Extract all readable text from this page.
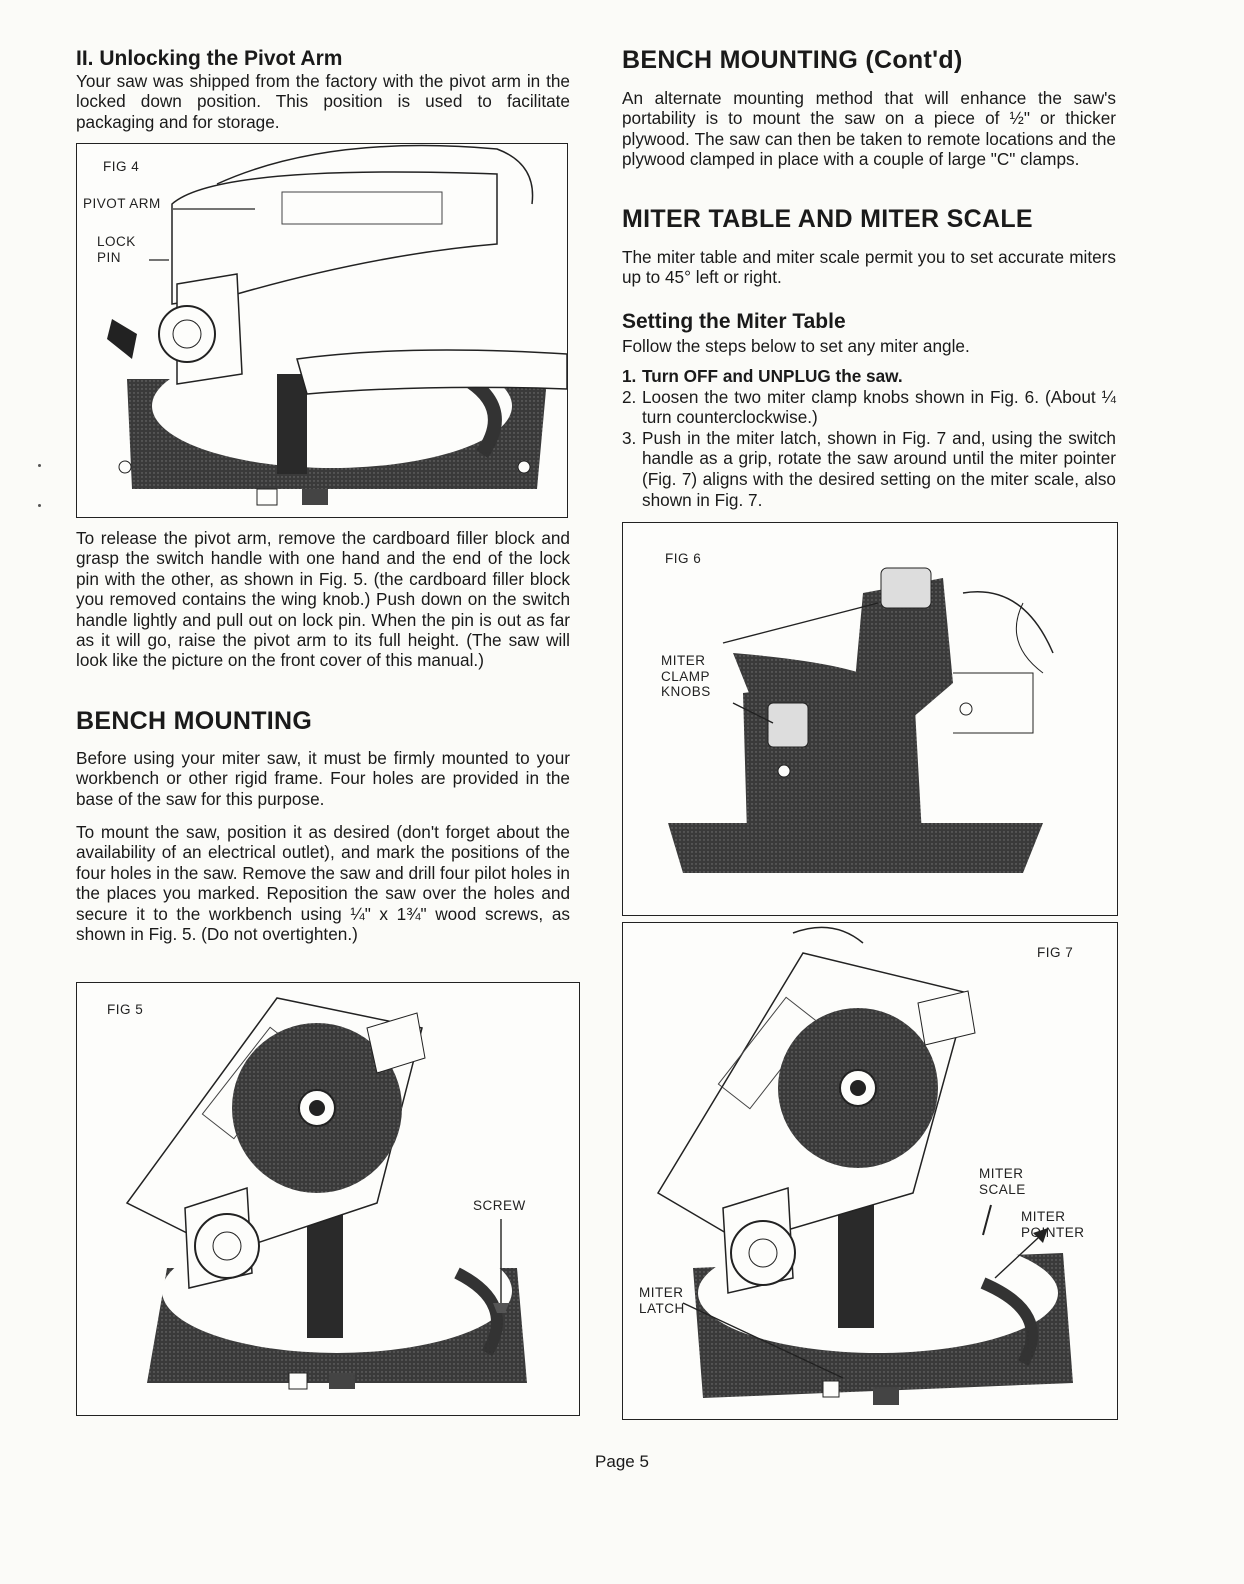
II. Unlocking the Pivot Arm

Your saw was shipped from the factory with the pivot arm in the locked down position. This position is used to facilitate packaging and for storage.

FIG 4
PIVOT ARM
LOCK
PIN

To release the pivot arm, remove the cardboard filler block and grasp the switch handle with one hand and the end of the lock pin with the other, as shown in Fig. 5. (the cardboard filler block you removed contains the wing knob.) Push down on the switch handle lightly and pull out on lock pin. When the pin is out as far as it will go, raise the pivot arm to its full height. (The saw will look like the picture on the front cover of this manual.)

BENCH MOUNTING

Before using your miter saw, it must be firmly mounted to your workbench or other rigid frame. Four holes are provided in the base of the saw for this purpose.

To mount the saw, position it as desired (don't forget about the availability of an electrical outlet), and mark the positions of the four holes in the saw. Remove the saw and drill four pilot holes in the places you marked. Reposition the saw over the holes and secure it to the workbench using ¼" x 1¾" wood screws, as shown in Fig. 5. (Do not overtighten.)

FIG 5
SCREW
BENCH MOUNTING (Cont'd)

An alternate mounting method that will enhance the saw's portability is to mount the saw on a piece of ½" or thicker plywood. The saw can then be taken to remote locations and the plywood clamped in place with a couple of large "C" clamps.

MITER TABLE AND MITER SCALE

The miter table and miter scale permit you to set accurate miters up to 45° left or right.

Setting the Miter Table

Follow the steps below to set any miter angle.

1. Turn OFF and UNPLUG the saw.
2. Loosen the two miter clamp knobs shown in Fig. 6. (About ¼ turn counterclockwise.)
3. Push in the miter latch, shown in Fig. 7 and, using the switch handle as a grip, rotate the saw around until the miter pointer (Fig. 7) aligns with the desired setting on the miter scale, also shown in Fig. 7.
FIG 6
MITER
CLAMP
KNOBS
FIG 7
MITER
SCALE
MITER
POINTER
MITER
LATCH
Page 5
